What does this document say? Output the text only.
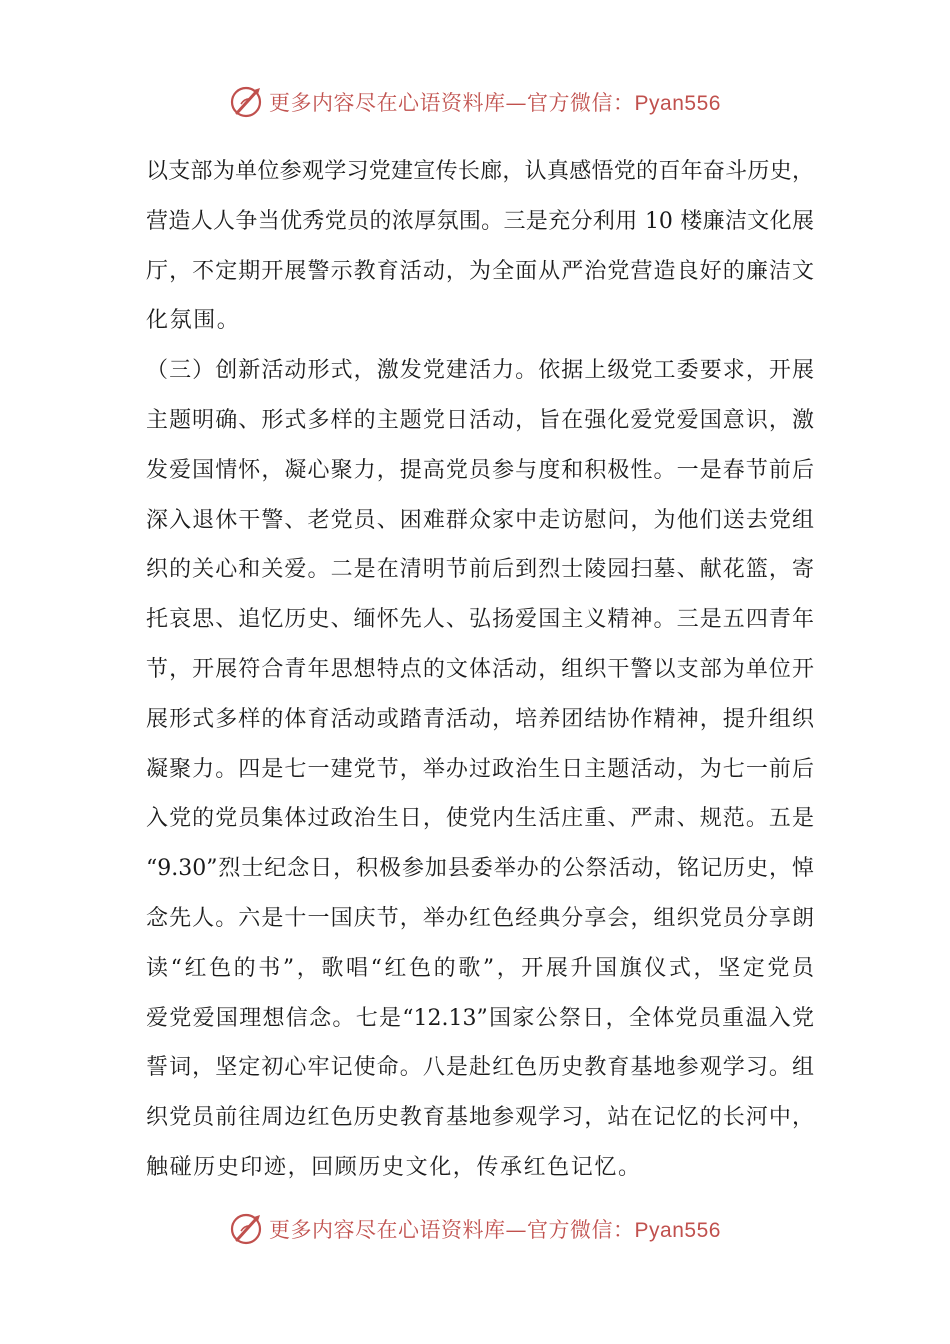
更多内容尽在心语资料库—官方微信：Pyan556
以支部为单位参观学习党建宣传长廊，认真感悟党的百年奋斗历史，
营造人人争当优秀党员的浓厚氛围。三是充分利用 10 楼廉洁文化展
厅，不定期开展警示教育活动，为全面从严治党营造良好的廉洁文
化氛围。
（三）创新活动形式，激发党建活力。依据上级党工委要求，开展
主题明确、形式多样的主题党日活动，旨在强化爱党爱国意识，激
发爱国情怀，凝心聚力，提高党员参与度和积极性。一是春节前后
深入退休干警、老党员、困难群众家中走访慰问，为他们送去党组
织的关心和关爱。二是在清明节前后到烈士陵园扫墓、献花篮，寄
托哀思、追忆历史、缅怀先人、弘扬爱国主义精神。三是五四青年
节，开展符合青年思想特点的文体活动，组织干警以支部为单位开
展形式多样的体育活动或踏青活动，培养团结协作精神，提升组织
凝聚力。四是七一建党节，举办过政治生日主题活动，为七一前后
入党的党员集体过政治生日，使党内生活庄重、严肃、规范。五是
“9.30”烈士纪念日，积极参加县委举办的公祭活动，铭记历史，悼
念先人。六是十一国庆节，举办红色经典分享会，组织党员分享朗
读“红色的书”，歌唱“红色的歌”，开展升国旗仪式，坚定党员
爱党爱国理想信念。七是“12.13”国家公祭日，全体党员重温入党
誓词，坚定初心牢记使命。八是赴红色历史教育基地参观学习。组
织党员前往周边红色历史教育基地参观学习，站在记忆的长河中，
触碰历史印迹，回顾历史文化，传承红色记忆。
更多内容尽在心语资料库—官方微信：Pyan556
